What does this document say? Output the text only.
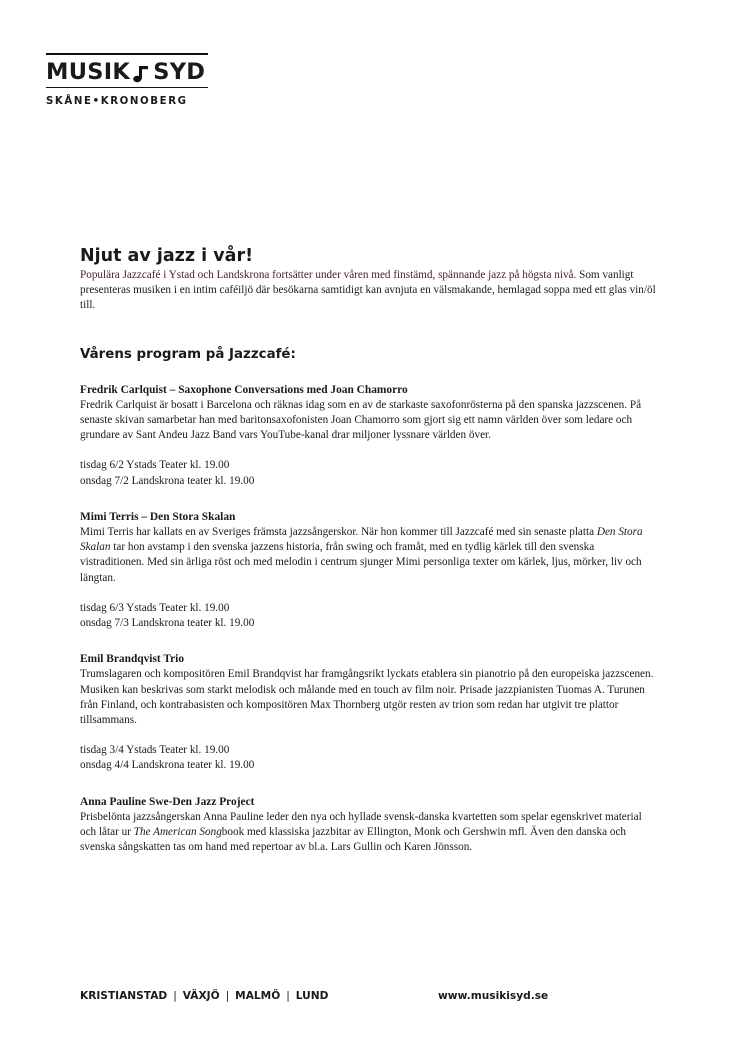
MUSIK SYD
SKÅNE•KRONOBERG
Njut av jazz i vår!

Populära Jazzcafé i Ystad och Landskrona fortsätter under våren med finstämd, spännande jazz på högsta nivå. Som vanligt presenteras musiken i en intim caféiljö där besökarna samtidigt kan avnjuta en välsmakande, hemlagad soppa med ett glas vin/öl till.

Vårens program på Jazzcafé:
Fredrik Carlquist – Saxophone Conversations med Joan Chamorro

Fredrik Carlquist är bosatt i Barcelona och räknas idag som en av de starkaste saxofonrösterna på den spanska jazzscenen. På senaste skivan samarbetar han med baritonsaxofonisten Joan Chamorro som gjort sig ett namn världen över som ledare och grundare av Sant Andeu Jazz Band vars YouTube-kanal drar miljoner lyssnare världen över.

tisdag 6/2 Ystads Teater kl. 19.00
onsdag 7/2 Landskrona teater kl. 19.00
Mimi Terris – Den Stora Skalan

Mimi Terris har kallats en av Sveriges främsta jazzsångerskor. När hon kommer till Jazzcafé med sin senaste platta Den Stora Skalan tar hon avstamp i den svenska jazzens historia, från swing och framåt, med en tydlig kärlek till den svenska vistraditionen. Med sin ärliga röst och med melodin i centrum sjunger Mimi personliga texter om kärlek, ljus, mörker, liv och längtan.

tisdag 6/3 Ystads Teater kl. 19.00
onsdag 7/3 Landskrona teater kl. 19.00
Emil Brandqvist Trio

Trumslagaren och kompositören Emil Brandqvist har framgångsrikt lyckats etablera sin pianotrio på den europeiska jazzscenen. Musiken kan beskrivas som starkt melodisk och målande med en touch av film noir. Prisade jazzpianisten Tuomas A. Turunen från Finland, och kontrabasisten och kompositören Max Thornberg utgör resten av trion som redan har utgivit tre plattor tillsammans.

tisdag 3/4 Ystads Teater kl. 19.00
onsdag 4/4 Landskrona teater kl. 19.00
Anna Pauline Swe-Den Jazz Project

Prisbelönta jazzsångerskan Anna Pauline leder den nya och hyllade svensk-danska kvartetten som spelar egenskrivet material och låtar ur The American Songbook med klassiska jazzbitar av Ellington, Monk och Gershwin mfl. Även den danska och svenska sångskatten tas om hand med repertoar av bl.a. Lars Gullin och Karen Jönsson.

KRISTIANSTAD | VÄXJÖ | MALMÖ | LUND	www.musikisyd.se
